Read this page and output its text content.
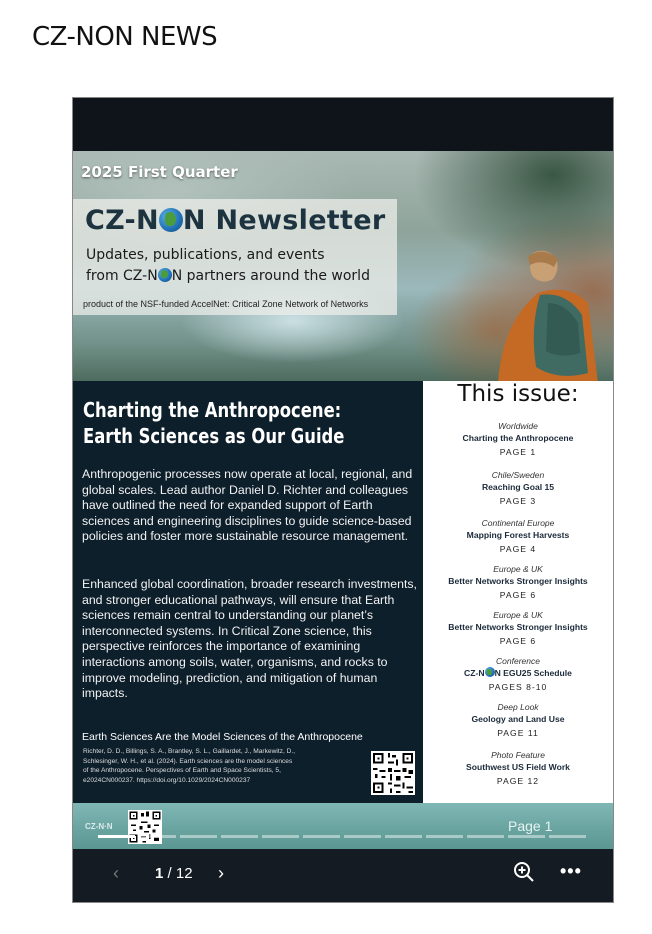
CZ-NON NEWS
2025 First Quarter
CZ-N N Newsletter
Updates, publications, and events
from CZ-N N partners around the world
product of the NSF-funded AccelNet: Critical Zone Network of Networks
Charting the Anthropocene:
Earth Sciences as Our Guide
Anthropogenic processes now operate at local, regional, and global scales. Lead author Daniel D. Richter and colleagues have outlined the need for expanded support of Earth sciences and engineering disciplines to guide science-based policies and foster more sustainable resource management.
Enhanced global coordination, broader research investments, and stronger educational pathways, will ensure that Earth sciences remain central to understanding our planet’s interconnected systems. In Critical Zone science, this perspective reinforces the importance of examining interactions among soils, water, organisms, and rocks to improve modeling, prediction, and mitigation of human impacts.
Earth Sciences Are the Model Sciences of the Anthropocene
Richter, D. D., Billings, S. A., Brantley, S. L., Gaillardet, J., Markewitz, D., Schlesinger, W. H., et al. (2024). Earth sciences are the model sciences of the Anthropocene. Perspectives of Earth and Space Scientists, 5, e2024CN000237. https://doi.org/10.1029/2024CN000237
This issue:
Worldwide
Charting the Anthropocene
PAGE 1
Chile/Sweden
Reaching Goal 15
PAGE 3
Continental Europe
Mapping Forest Harvests
PAGE 4
Europe & UK
Better Networks Stronger Insights
PAGE 6
Europe & UK
Better Networks Stronger Insights
PAGE 6
Conference
CZ-N N EGU25 Schedule
PAGES 8-10
Deep Look
Geology and Land Use
PAGE 11
Photo Feature
Southwest US Field Work
PAGE 12
CZ-N·N	Page 1
‹ 1 / 12 ›	•••
